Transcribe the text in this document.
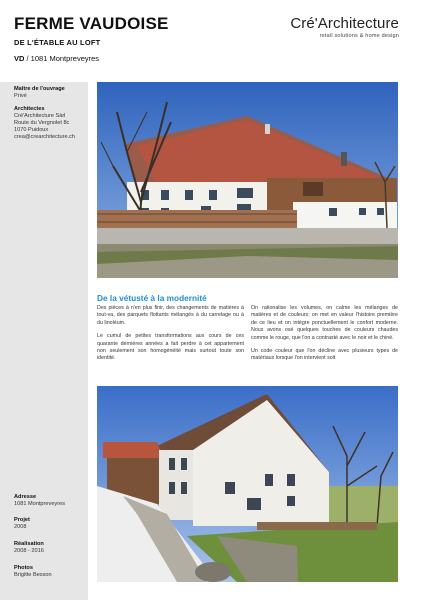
FERME VAUDOISE
DE L'ÉTABLE AU LOFT
VD / 1081 Montpreveyres
Cré'Architecture
retail solutions & home design
Maître de l'ouvrage
Privé
Architectes
Cré'Architecture Sàrl
Route du Vergnolet 8c
1070 Puidoux
crea@crearchitecture.ch
Adresse
1081 Montpreveyres
Projet
2008
Réalisation
2008 - 2016
Photos
Brigitte Besson
De la vétusté à la modernité

Des pièces à n'en plus finir, des changements de matières à tout-va, des parquets flottants mélangés à du carrelage ou à du linoléum.

Le cumul de petites transformations aux cours de ces quarante dernières années a fait perdre à cet appartement non seulement son homogénéité mais surtout toute son identité.

On rationalise les volumes, on calme les mélanges de matières et de couleurs; on met en valeur l'histoire première de ce lieu et on intègre ponctuellement le confort moderne. Nous avons osé quelques touches de couleurs chaudes comme le rouge, que l'on a contrasté avec le noir et le chiné.

Un code couleur que l'on décline avec plusieurs types de matériaux lorsque l'on intervient soit
